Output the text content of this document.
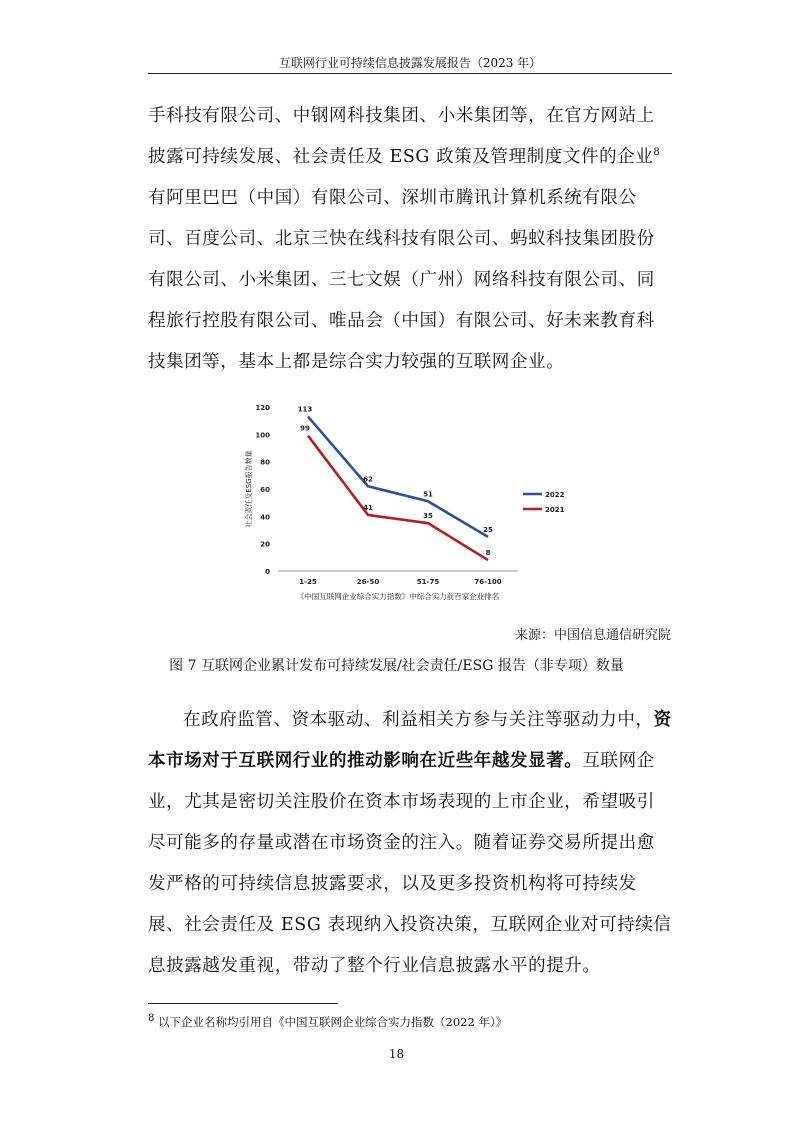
互联网行业可持续信息披露发展报告（2023 年）
手科技有限公司、中钢网科技集团、小米集团等，在官方网站上披露可持续发展、社会责任及 ESG 政策及管理制度文件的企业$^8$有阿里巴巴（中国）有限公司、深圳市腾讯计算机系统有限公司、百度公司、北京三快在线科技有限公司、蚂蚁科技集团股份有限公司、小米集团、三七文娱（广州）网络科技有限公司、同程旅行控股有限公司、唯品会（中国）有限公司、好未来教育科技集团等，基本上都是综合实力较强的互联网企业。
0
20
40
60
80
100
120
1-25	26-50	51-75	76-100
《中国互联网企业综合实力指数》中综合实力前百家企业排名
社会责任及ESG报告数量
113
62
51
25
2022
99
41
35
8
2021
来源：中国信息通信研究院
图 7 互联网企业累计发布可持续发展/社会责任/ESG 报告（非专项）数量
在政府监管、资本驱动、利益相关方参与关注等驱动力中，资本市场对于互联网行业的推动影响在近些年越发显著。互联网企业，尤其是密切关注股价在资本市场表现的上市企业，希望吸引尽可能多的存量或潜在市场资金的注入。随着证券交易所提出愈发严格的可持续信息披露要求，以及更多投资机构将可持续发展、社会责任及 ESG 表现纳入投资决策，互联网企业对可持续信息披露越发重视，带动了整个行业信息披露水平的提升。
$^8$ 以下企业名称均引用自《中国互联网企业综合实力指数（2022 年）》
18
